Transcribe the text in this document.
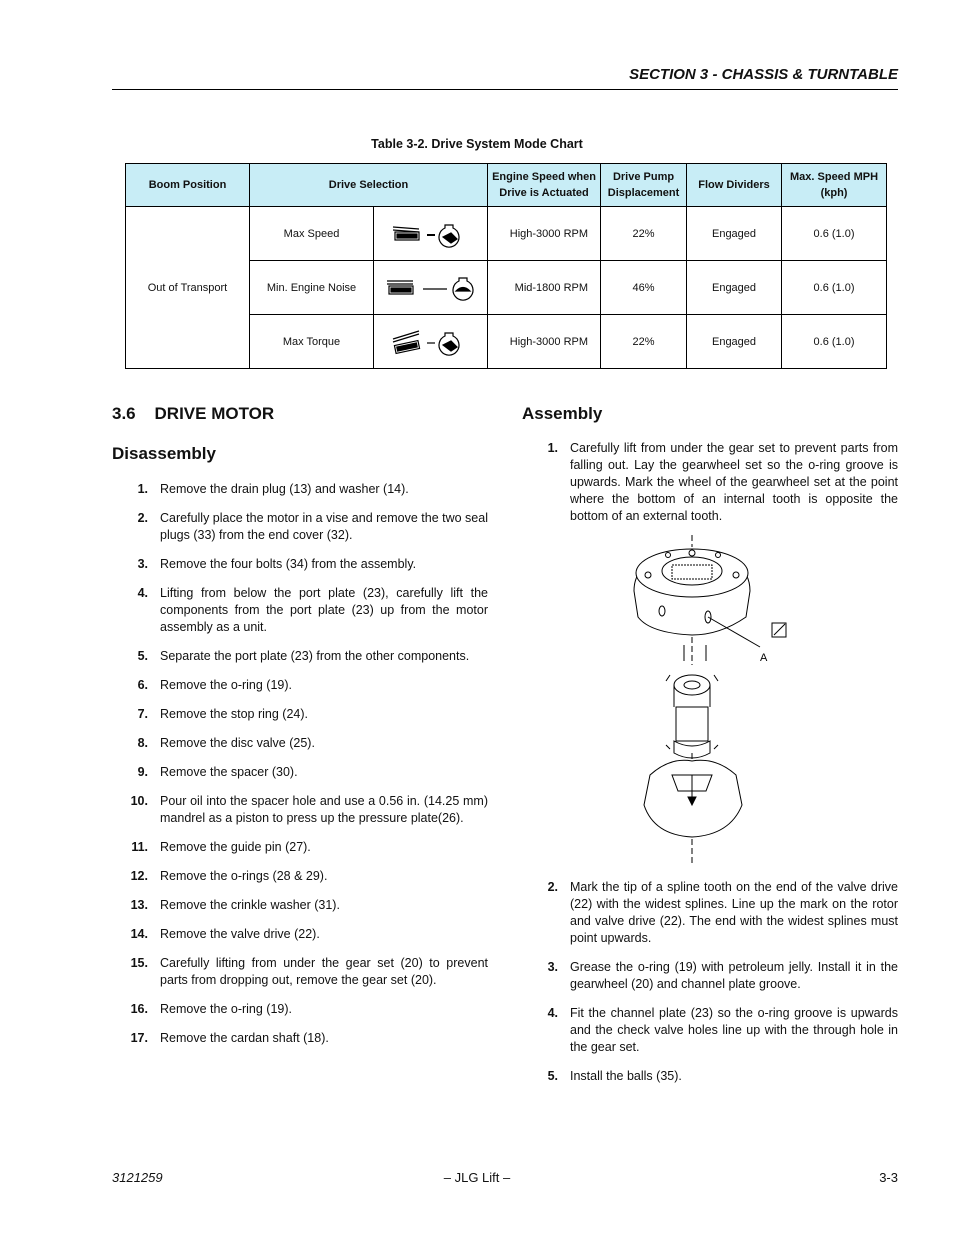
SECTION 3 - CHASSIS & TURNTABLE
Table 3-2. Drive System Mode Chart
Boom Position	Drive Selection		Engine Speed when Drive is Actuated	Drive Pump Displacement	Flow Dividers	Max. Speed MPH (kph)
Out of Transport	Max Speed		High-3000 RPM	22%	Engaged	0.6 (1.0)
	Min. Engine Noise		Mid-1800 RPM	46%	Engaged	0.6 (1.0)
	Max Torque		High-3000 RPM	22%	Engaged	0.6 (1.0)
3.6    DRIVE MOTOR
Disassembly
Assembly
1. Remove the drain plug (13) and washer (14).
2. Carefully place the motor in a vise and remove the two seal plugs (33) from the end cover (32).
3. Remove the four bolts (34) from the assembly.
4. Lifting from below the port plate (23), carefully lift the components from the port plate (23) up from the motor assembly as a unit.
5. Separate the port plate (23) from the other components.
6. Remove the o-ring (19).
7. Remove the stop ring (24).
8. Remove the disc valve (25).
9. Remove the spacer (30).
10. Pour oil into the spacer hole and use a 0.56 in. (14.25 mm) mandrel as a piston to press up the pressure plate(26).
11. Remove the guide pin (27).
12. Remove the o-rings (28 & 29).
13. Remove the crinkle washer (31).
14. Remove the valve drive (22).
15. Carefully lifting from under the gear set (20) to prevent parts from dropping out, remove the gear set (20).
16. Remove the o-ring (19).
17. Remove the cardan shaft (18).
1. Carefully lift from under the gear set to prevent parts from falling out. Lay the gearwheel set so the o-ring groove is upwards. Mark the wheel of the gearwheel set at the point where the bottom of an internal tooth is opposite the bottom of an external tooth.
A
2. Mark the tip of a spline tooth on the end of the valve drive (22) with the widest splines. Line up the mark on the rotor and valve drive (22). The end with the widest splines must point upwards.
3. Grease the o-ring (19) with petroleum jelly. Install it in the gearwheel (20) and channel plate groove.
4. Fit the channel plate (23) so the o-ring groove is upwards and the check valve holes line up with the through hole in the gear set.
5. Install the balls (35).
3121259	– JLG Lift –	3-3
